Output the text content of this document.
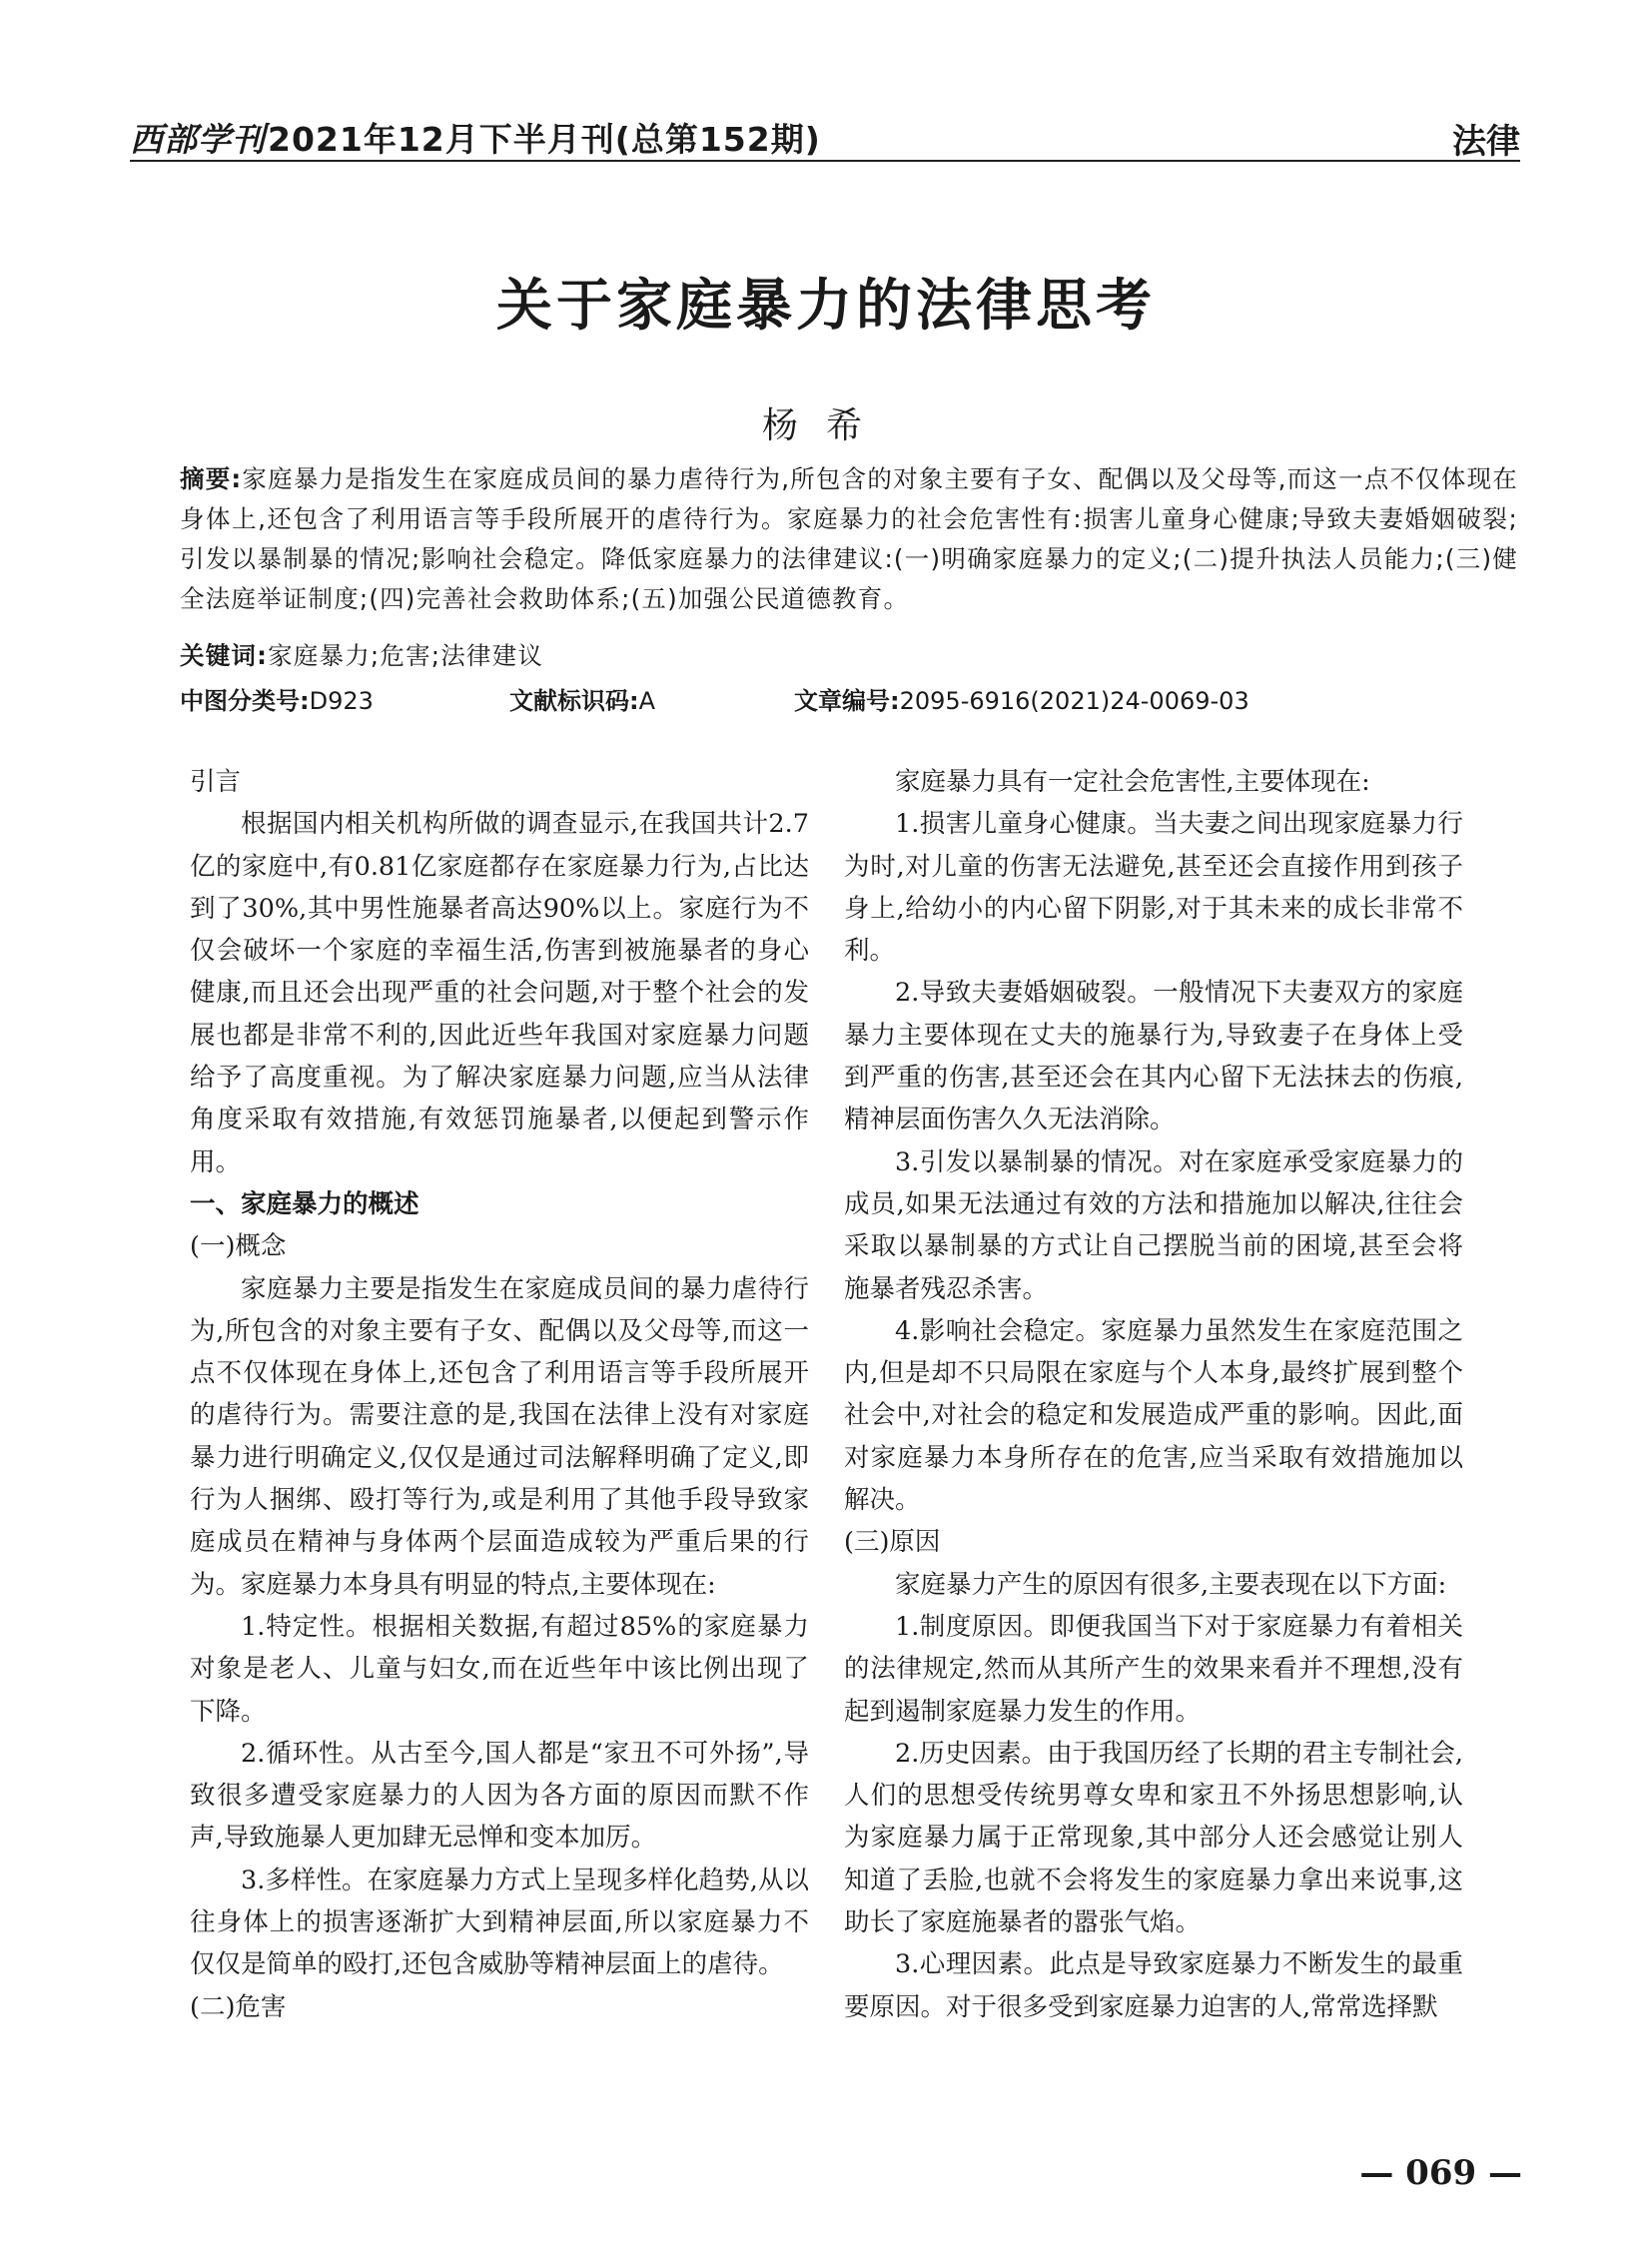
西部学刊2021年12月下半月刊(总第152期)	法律
关于家庭暴力的法律思考
杨希
摘要:家庭暴力是指发生在家庭成员间的暴力虐待行为,所包含的对象主要有子女、配偶以及父母等,而这一点不仅体现在身体上,还包含了利用语言等手段所展开的虐待行为。家庭暴力的社会危害性有:损害儿童身心健康;导致夫妻婚姻破裂;引发以暴制暴的情况;影响社会稳定。降低家庭暴力的法律建议:(一)明确家庭暴力的定义;(二)提升执法人员能力;(三)健全法庭举证制度;(四)完善社会救助体系;(五)加强公民道德教育。
关键词:家庭暴力;危害;法律建议
中图分类号:D923	文献标识码:A	文章编号:2095-6916(2021)24-0069-03

引言

根据国内相关机构所做的调查显示,在我国共计2.7亿的家庭中,有0.81亿家庭都存在家庭暴力行为,占比达到了30%,其中男性施暴者高达90%以上。家庭行为不仅会破坏一个家庭的幸福生活,伤害到被施暴者的身心健康,而且还会出现严重的社会问题,对于整个社会的发展也都是非常不利的,因此近些年我国对家庭暴力问题给予了高度重视。为了解决家庭暴力问题,应当从法律角度采取有效措施,有效惩罚施暴者,以便起到警示作用。

一、家庭暴力的概述

(一)概念

家庭暴力主要是指发生在家庭成员间的暴力虐待行为,所包含的对象主要有子女、配偶以及父母等,而这一点不仅体现在身体上,还包含了利用语言等手段所展开的虐待行为。需要注意的是,我国在法律上没有对家庭暴力进行明确定义,仅仅是通过司法解释明确了定义,即行为人捆绑、殴打等行为,或是利用了其他手段导致家庭成员在精神与身体两个层面造成较为严重后果的行为。家庭暴力本身具有明显的特点,主要体现在:

1.特定性。根据相关数据,有超过85%的家庭暴力对象是老人、儿童与妇女,而在近些年中该比例出现了下降。

2.循环性。从古至今,国人都是“家丑不可外扬”,导致很多遭受家庭暴力的人因为各方面的原因而默不作声,导致施暴人更加肆无忌惮和变本加厉。

3.多样性。在家庭暴力方式上呈现多样化趋势,从以往身体上的损害逐渐扩大到精神层面,所以家庭暴力不仅仅是简单的殴打,还包含威胁等精神层面上的虐待。

(二)危害

家庭暴力具有一定社会危害性,主要体现在:

1.损害儿童身心健康。当夫妻之间出现家庭暴力行为时,对儿童的伤害无法避免,甚至还会直接作用到孩子身上,给幼小的内心留下阴影,对于其未来的成长非常不利。

2.导致夫妻婚姻破裂。一般情况下夫妻双方的家庭暴力主要体现在丈夫的施暴行为,导致妻子在身体上受到严重的伤害,甚至还会在其内心留下无法抹去的伤痕,精神层面伤害久久无法消除。

3.引发以暴制暴的情况。对在家庭承受家庭暴力的成员,如果无法通过有效的方法和措施加以解决,往往会采取以暴制暴的方式让自己摆脱当前的困境,甚至会将施暴者残忍杀害。

4.影响社会稳定。家庭暴力虽然发生在家庭范围之内,但是却不只局限在家庭与个人本身,最终扩展到整个社会中,对社会的稳定和发展造成严重的影响。因此,面对家庭暴力本身所存在的危害,应当采取有效措施加以解决。

(三)原因

家庭暴力产生的原因有很多,主要表现在以下方面:

1.制度原因。即便我国当下对于家庭暴力有着相关的法律规定,然而从其所产生的效果来看并不理想,没有起到遏制家庭暴力发生的作用。

2.历史因素。由于我国历经了长期的君主专制社会,人们的思想受传统男尊女卑和家丑不外扬思想影响,认为家庭暴力属于正常现象,其中部分人还会感觉让别人知道了丢脸,也就不会将发生的家庭暴力拿出来说事,这助长了家庭施暴者的嚣张气焰。

3.心理因素。此点是导致家庭暴力不断发生的最重要原因。对于很多受到家庭暴力迫害的人,常常选择默

— 069 —
